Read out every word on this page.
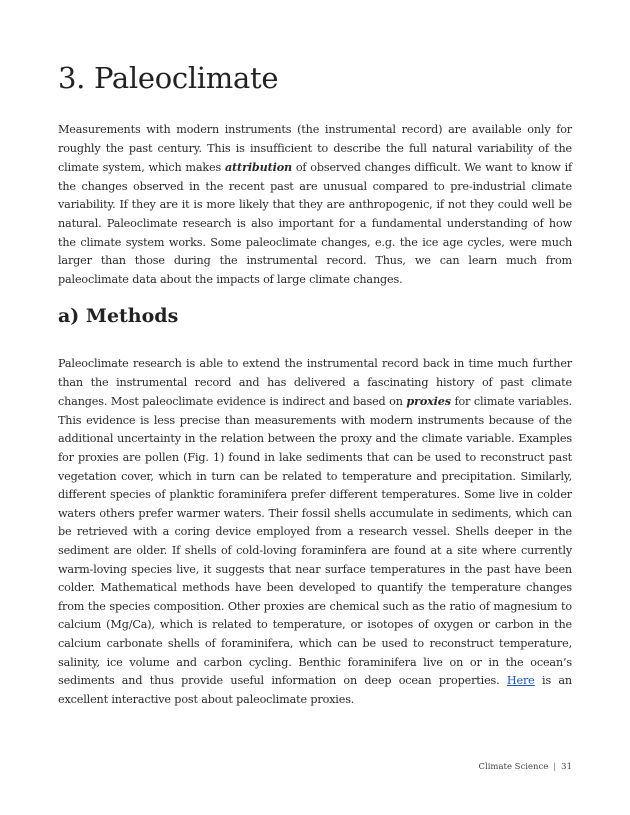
3. Paleoclimate

Measurements with modern instruments (the instrumental record) are available only for roughly the past century. This is insufficient to describe the full natural variability of the climate system, which makes attribution of observed changes difficult. We want to know if the changes observed in the recent past are unusual compared to pre-industrial climate variability. If they are it is more likely that they are anthropogenic, if not they could well be natural. Paleoclimate research is also important for a fundamental understanding of how the climate system works. Some paleoclimate changes, e.g. the ice age cycles, were much larger than those during the instrumental record. Thus, we can learn much from paleoclimate data about the impacts of large climate changes.

a) Methods

Paleoclimate research is able to extend the instrumental record back in time much further than the instrumental record and has delivered a fascinating history of past climate changes. Most paleoclimate evidence is indirect and based on proxies for climate variables. This evidence is less precise than measurements with modern instruments because of the additional uncertainty in the relation between the proxy and the climate variable. Examples for proxies are pollen (Fig. 1) found in lake sediments that can be used to reconstruct past vegetation cover, which in turn can be related to temperature and precipitation. Similarly, different species of planktic foraminifera prefer different temperatures. Some live in colder waters others prefer warmer waters. Their fossil shells accumulate in sediments, which can be retrieved with a coring device employed from a research vessel. Shells deeper in the sediment are older. If shells of cold-loving foraminfera are found at a site where currently warm-loving species live, it suggests that near surface temperatures in the past have been colder. Mathematical methods have been developed to quantify the temperature changes from the species composition. Other proxies are chemical such as the ratio of magnesium to calcium (Mg/Ca), which is related to temperature, or isotopes of oxygen or carbon in the calcium carbonate shells of foraminifera, which can be used to reconstruct temperature, salinity, ice volume and carbon cycling. Benthic foraminifera live on or in the ocean’s sediments and thus provide useful information on deep ocean properties. Here is an excellent interactive post about paleoclimate proxies.

Climate Science | 31
